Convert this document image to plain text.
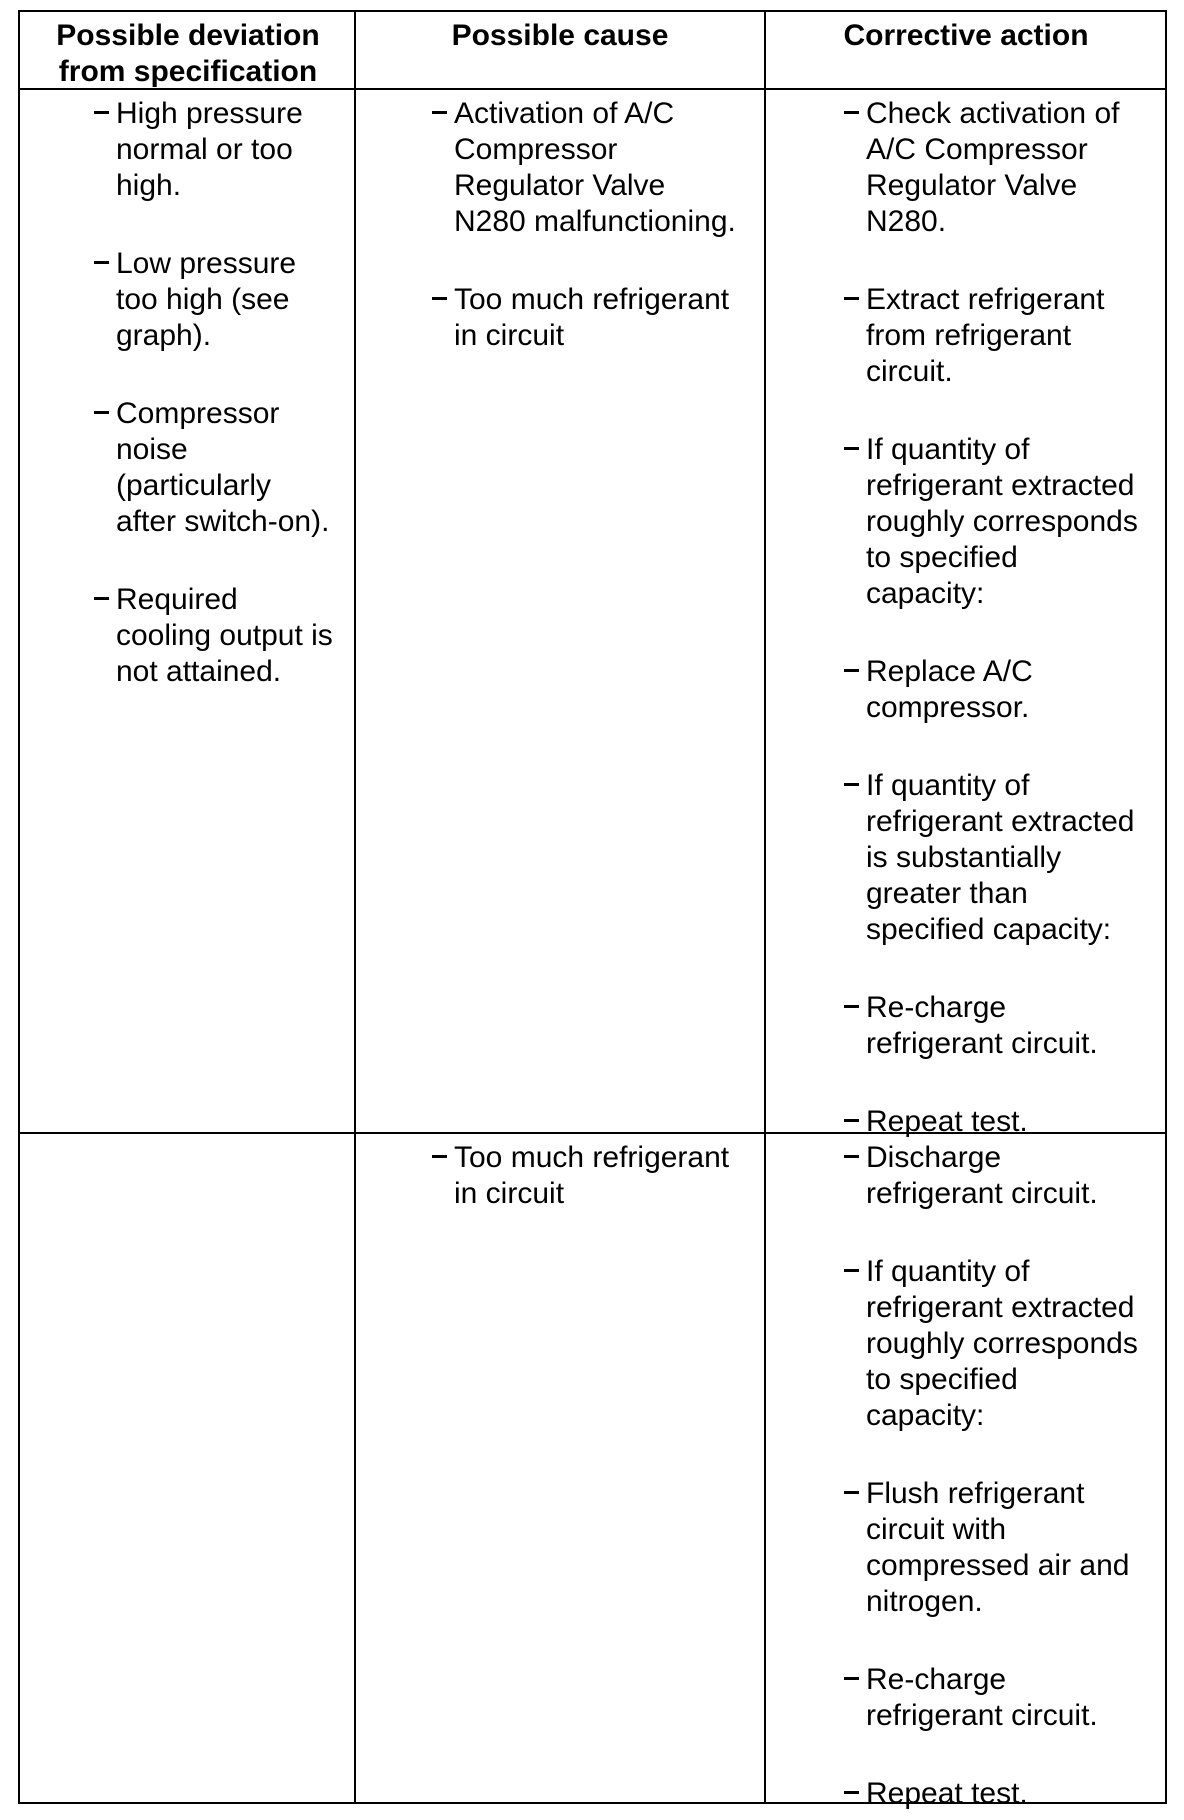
Possible deviation
from specification
Possible cause	Corrective action
High pressure
normal or too
high.
Low pressure
too high (see
graph).
Compressor
noise
(particularly
after switch-on).
Required
cooling output is
not attained.
Activation of A/C
Compressor
Regulator Valve
N280 malfunctioning.
Too much refrigerant
in circuit
Check activation of
A/C Compressor
Regulator Valve
N280.
Extract refrigerant
from refrigerant
circuit.
If quantity of
refrigerant extracted
roughly corresponds
to specified
capacity:
Replace A/C
compressor.
If quantity of
refrigerant extracted
is substantially
greater than
specified capacity:
Re-charge
refrigerant circuit.
Repeat test.
Too much refrigerant
in circuit
Discharge
refrigerant circuit.
If quantity of
refrigerant extracted
roughly corresponds
to specified
capacity:
Flush refrigerant
circuit with
compressed air and
nitrogen.
Re-charge
refrigerant circuit.
Repeat test.
